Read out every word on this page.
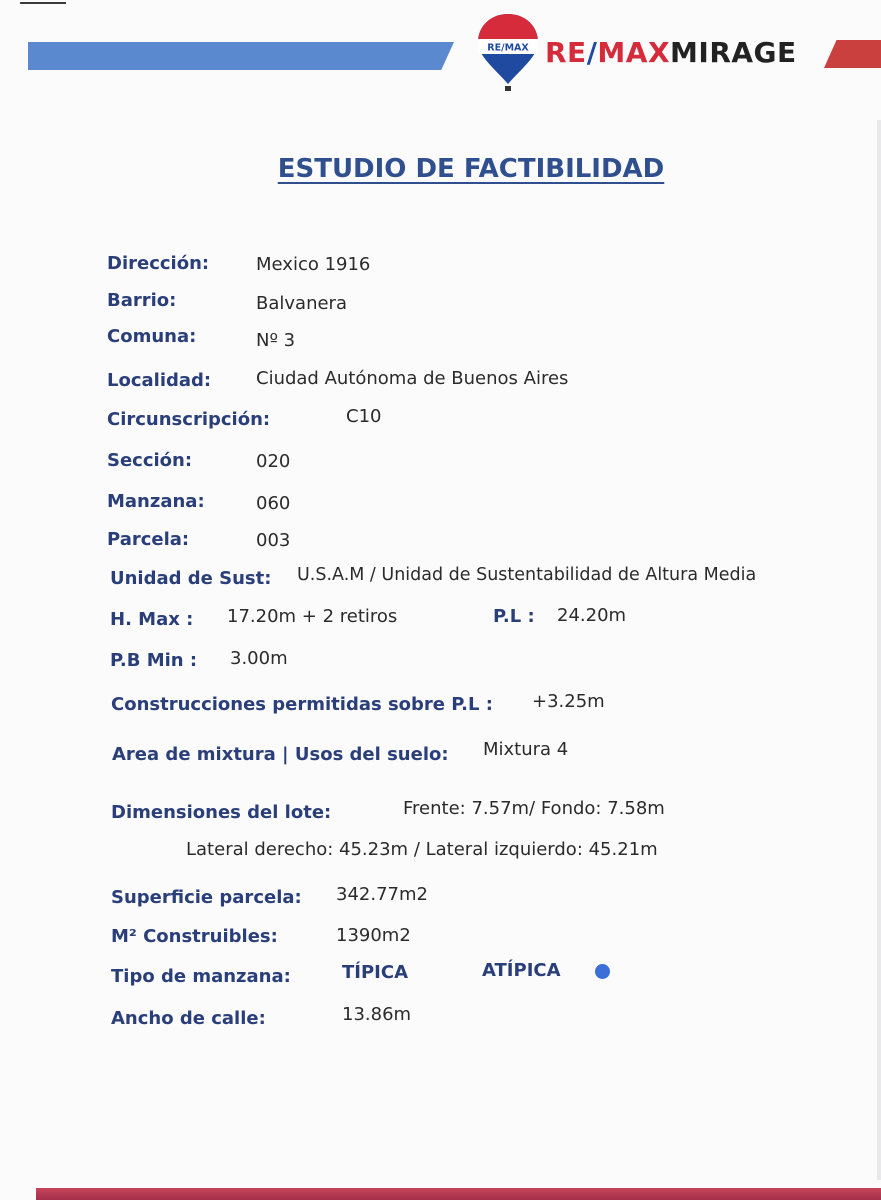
RE/MAX RE/MAXMIRAGE
ESTUDIO DE FACTIBILIDAD
Dirección:	Mexico 1916
Barrio:	Balvanera
Comuna:	Nº 3
Localidad: Ciudad Autónoma de Buenos Aires
Circunscripción:	C10
Sección:	020
Manzana:	060
Parcela:	003
Unidad de Sust: U.S.A.M / Unidad de Sustentabilidad de Altura Media
H. Max : 17.20m + 2 retiros	P.L : 24.20m
P.B Min : 3.00m
Construcciones permitidas sobre P.L : +3.25m
Area de mixtura | Usos del suelo: Mixtura 4
Dimensiones del lote:	Frente: 7.57m/ Fondo: 7.58m
Lateral derecho: 45.23m / Lateral izquierdo: 45.21m
Superficie parcela: 342.77m2
M² Construibles:	1390m2
Tipo de manzana:	TÍPICA	ATÍPICA
Ancho de calle:	13.86m
